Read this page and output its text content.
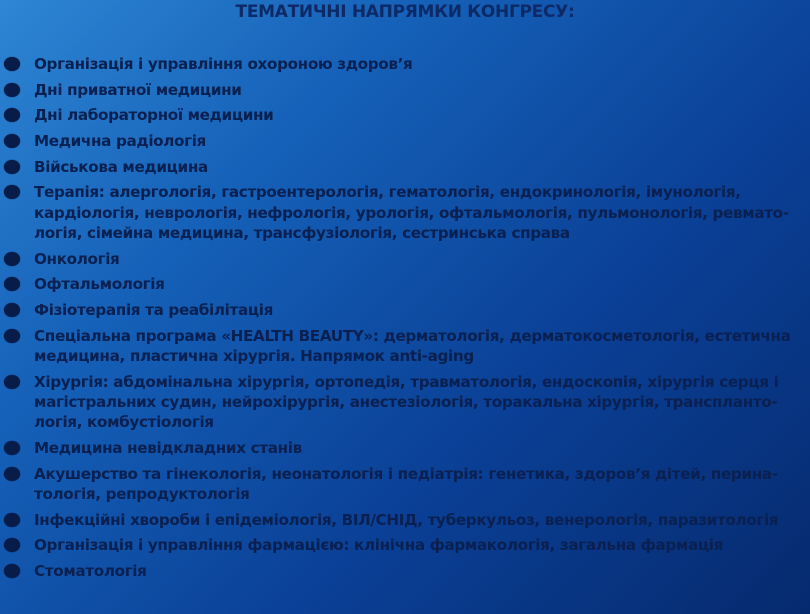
ТЕМАТИЧНІ НАПРЯМКИ КОНГРЕСУ:
Організація і управління охороною здоров’я
Дні приватної медицини
Дні лабораторної медицини
Медична радіологія
Військова медицина
Терапія: алергологія, гастроентерологія, гематологія, ендокринологія, імунологія, кардіологія, неврологія, нефрологія, урологія, офтальмологія, пульмонологія, ревмато-логія, сімейна медицина, трансфузіологія, сестринська справа
Онкологія
Офтальмологія
Фізіотерапія та реабілітація
Спеціальна програма «HEALTH BEAUTY»: дерматологія, дерматокосметологія, естетична медицина, пластична хірургія. Напрямок anti-aging
Хірургія: абдомінальна хірургія, ортопедія, травматологія, ендоскопія, хірургія серця і магістральних судин, нейрохірургія, анестезіологія, торакальна хірургія, транспланто-логія, комбустіологія
Медицина невідкладних станів
Акушерство та гінекологія, неонатологія і педіатрія: генетика, здоров’я дітей, перина-тологія, репродуктологія
Інфекційні хвороби і епідеміологія, ВІЛ/СНІД, туберкульоз, венерологія, паразитологія
Організація і управління фармацією: клінічна фармакологія, загальна фармація
Стоматологія
